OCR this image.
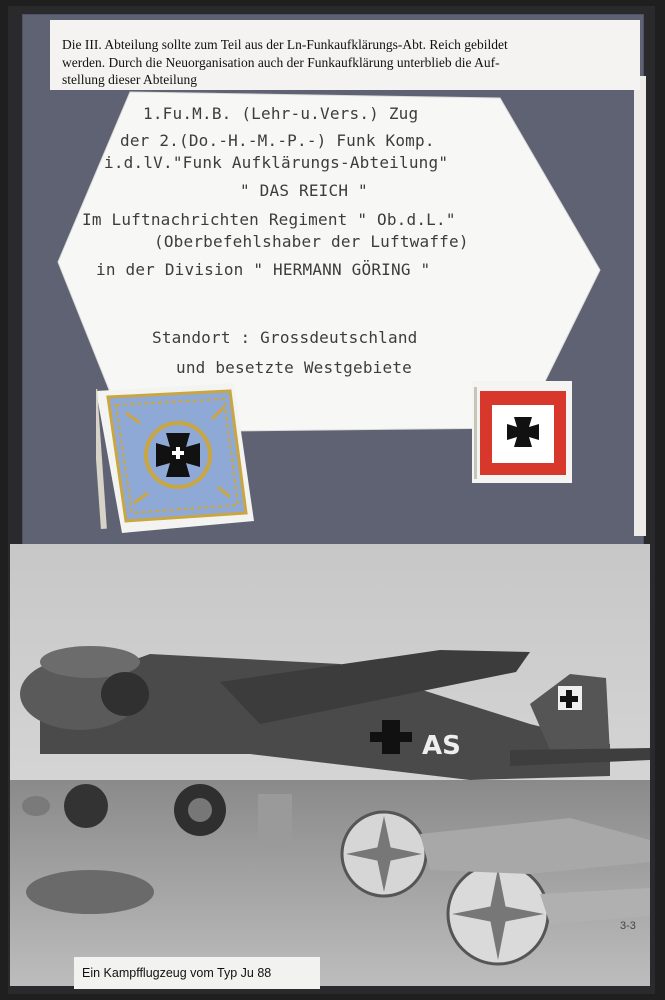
Die III. Abteilung sollte zum Teil aus der Ln-Funkaufklärungs-Abt. Reich gebildet
werden. Durch die Neuorganisation auch der Funkaufklärung unterblieb die Auf-
stellung dieser Abteilung
1.Fu.M.B. (Lehr-u.Vers.) Zug
der 2.(Do.-H.-M.-P.-) Funk Komp.
i.d.lV."Funk Aufklärungs-Abteilung"
" DAS REICH "
Im Luftnachrichten Regiment " Ob.d.L."
(Oberbefehlshaber der Luftwaffe)
in der Division " HERMANN GÖRING "
Standort : Grossdeutschland
und besetzte Westgebiete
AS
Ein Kampfflugzeug vom Typ Ju 88
3-3
